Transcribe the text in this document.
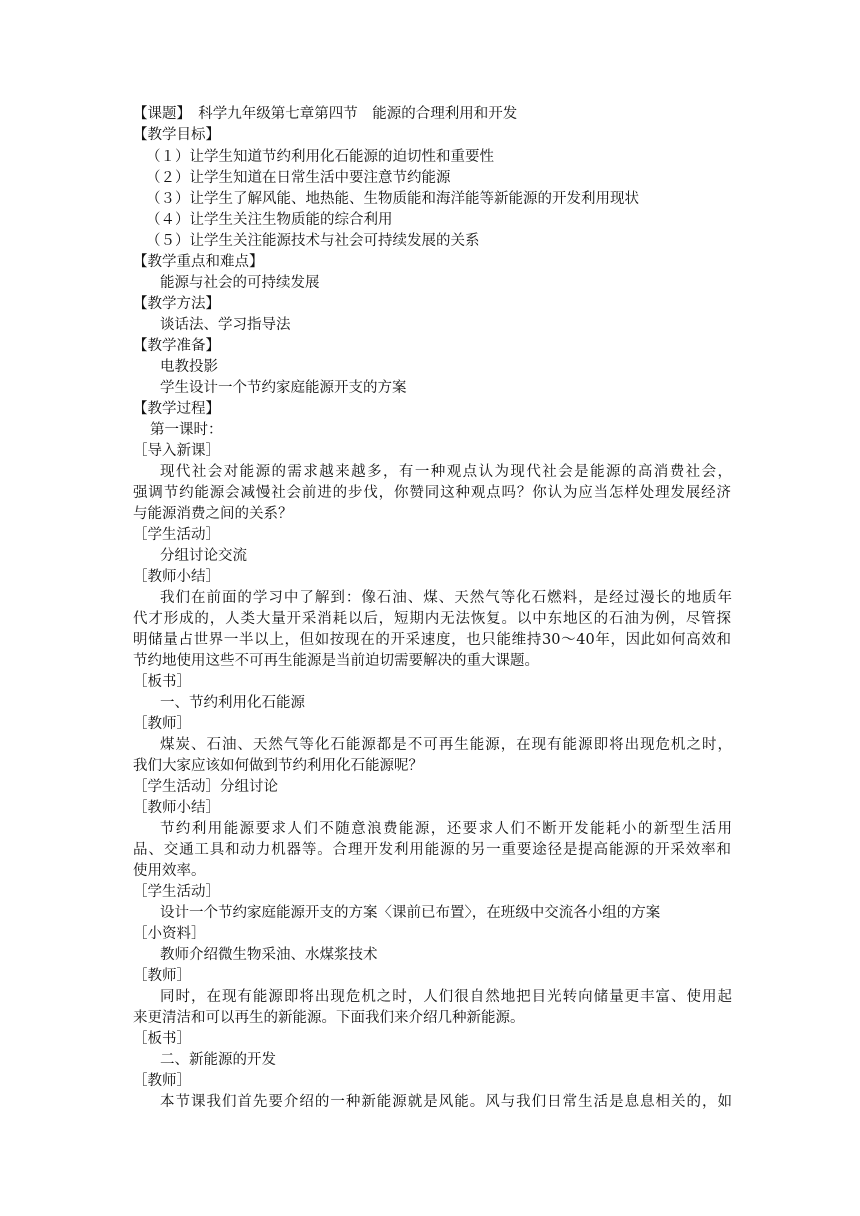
【课题】　科学九年级第七章第四节　能源的合理利用和开发
【教学目标】
（１）让学生知道节约利用化石能源的迫切性和重要性
（２）让学生知道在日常生活中要注意节约能源
（３）让学生了解风能、地热能、生物质能和海洋能等新能源的开发利用现状
（４）让学生关注生物质能的综合利用
（５）让学生关注能源技术与社会可持续发展的关系
【教学重点和难点】
能源与社会的可持续发展
【教学方法】
谈话法、学习指导法
【教学准备】
电教投影
学生设计一个节约家庭能源开支的方案
【教学过程】
第一课时：
［导入新课］
现代社会对能源的需求越来越多，有一种观点认为现代社会是能源的高消费社会，
强调节约能源会减慢社会前进的步伐，你赞同这种观点吗？你认为应当怎样处理发展经济
与能源消费之间的关系？
［学生活动］
分组讨论交流
［教师小结］
我们在前面的学习中了解到：像石油、煤、天然气等化石燃料，是经过漫长的地质年
代才形成的，人类大量开采消耗以后，短期内无法恢复。以中东地区的石油为例，尽管探
明储量占世界一半以上，但如按现在的开采速度，也只能维持30～40年，因此如何高效和
节约地使用这些不可再生能源是当前迫切需要解决的重大课题。
［板书］
一、节约利用化石能源
［教师］
煤炭、石油、天然气等化石能源都是不可再生能源，在现有能源即将出现危机之时，
我们大家应该如何做到节约利用化石能源呢？
［学生活动］分组讨论
［教师小结］
节约利用能源要求人们不随意浪费能源，还要求人们不断开发能耗小的新型生活用
品、交通工具和动力机器等。合理开发利用能源的另一重要途径是提高能源的开采效率和
使用效率。
［学生活动］
设计一个节约家庭能源开支的方案〈课前已布置〉，在班级中交流各小组的方案
［小资料］
教师介绍微生物采油、水煤浆技术
［教师］
同时，在现有能源即将出现危机之时，人们很自然地把目光转向储量更丰富、使用起
来更清洁和可以再生的新能源。下面我们来介绍几种新能源。
［板书］
二、新能源的开发
［教师］
本节课我们首先要介绍的一种新能源就是风能。风与我们日常生活是息息相关的，如
